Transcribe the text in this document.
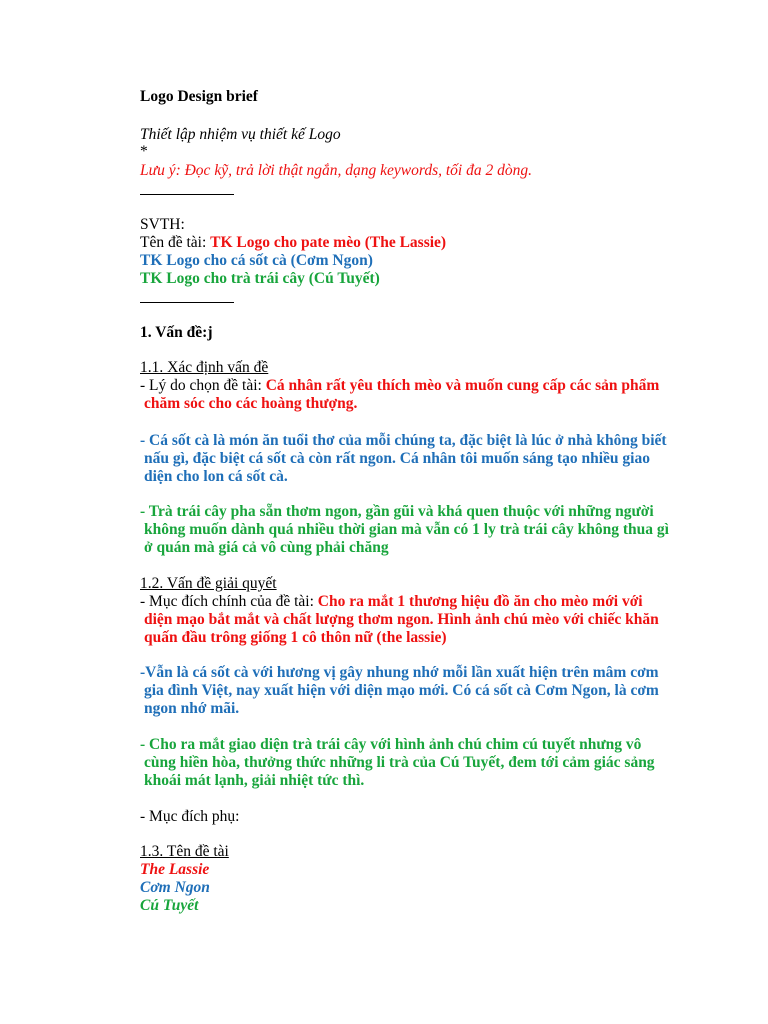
Logo Design brief
Thiết lập nhiệm vụ thiết kế Logo
*
Lưu ý: Đọc kỹ, trả lời thật ngắn, dạng keywords, tối đa 2 dòng.
SVTH:
Tên đề tài: TK Logo cho pate mèo (The Lassie)
TK Logo cho cá sốt cà (Cơm Ngon)
TK Logo cho trà trái cây (Cú Tuyết)
1. Vấn đề:j
1.1. Xác định vấn đề
- Lý do chọn đề tài: Cá nhân rất yêu thích mèo và muốn cung cấp các sản phẩm
chăm sóc cho các hoàng thượng.
- Cá sốt cà là món ăn tuổi thơ của mỗi chúng ta, đặc biệt là lúc ở nhà không biết
nấu gì, đặc biệt cá sốt cà còn rất ngon. Cá nhân tôi muốn sáng tạo nhiều giao
diện cho lon cá sốt cà.
- Trà trái cây pha sẵn thơm ngon, gần gũi và khá quen thuộc với những người
không muốn dành quá nhiều thời gian mà vẫn có 1 ly trà trái cây không thua gì
ở quán mà giá cả vô cùng phải chăng
1.2. Vấn đề giải quyết
- Mục đích chính của đề tài: Cho ra mắt 1 thương hiệu đồ ăn cho mèo mới với
diện mạo bắt mắt và chất lượng thơm ngon. Hình ảnh chú mèo với chiếc khăn
quấn đầu trông giống 1 cô thôn nữ (the lassie)
-Vẫn là cá sốt cà với hương vị gây nhung nhớ mỗi lần xuất hiện trên mâm cơm
gia đình Việt, nay xuất hiện với diện mạo mới. Có cá sốt cà Cơm Ngon, là cơm
ngon nhớ mãi.
- Cho ra mắt giao diện trà trái cây với hình ảnh chú chim cú tuyết nhưng vô
cùng hiền hòa, thưởng thức những li trà của Cú Tuyết, đem tới cảm giác sảng
khoái mát lạnh, giải nhiệt tức thì.
- Mục đích phụ:
1.3. Tên đề tài
The Lassie
Cơm Ngon
Cú Tuyết
